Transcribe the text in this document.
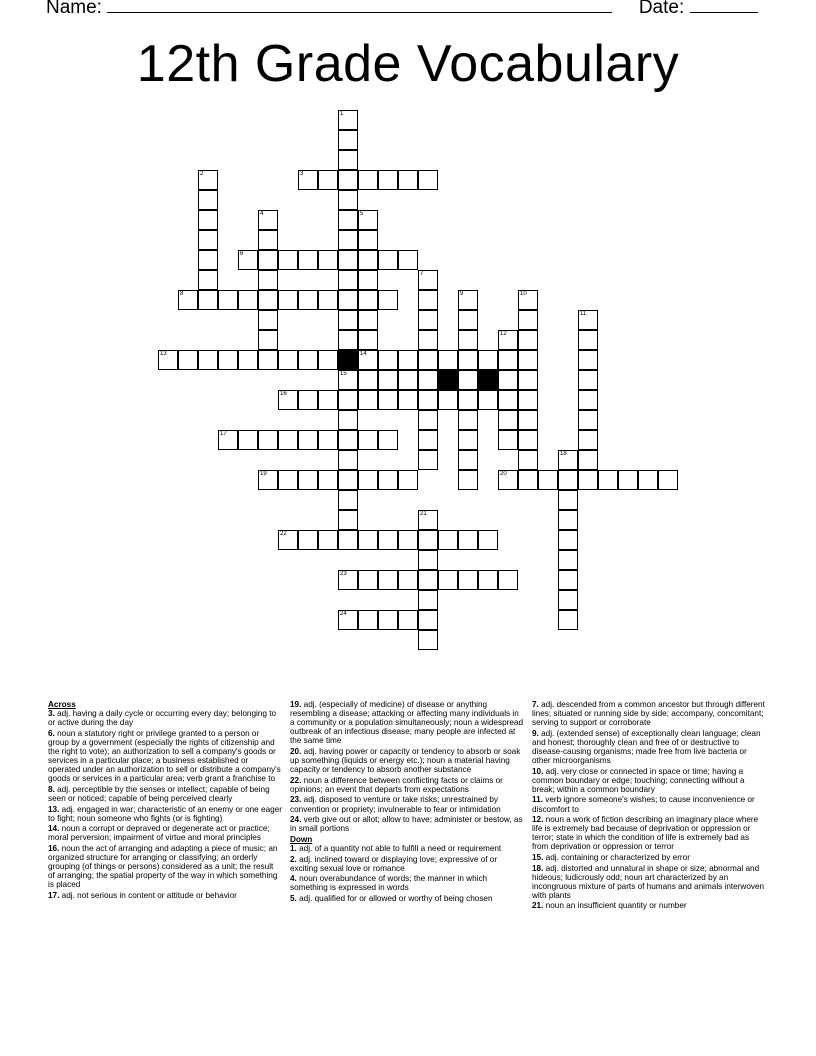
Name:	Date:
12th Grade Vocabulary
1
15
2	3
4	5
6
7
8	9	10
11
12
13	14
16
17
18
19	20
21
22
23
24
Across
3. adj. having a daily cycle or occurring every day; belonging to or active during the day
6. noun a statutory right or privilege granted to a person or group by a government (especially the rights of citizenship and the right to vote); an authorization to sell a company's goods or services in a particular place; a business established or operated under an authorization to sell or distribute a company's goods or services in a particular area; verb grant a franchise to
8. adj. perceptible by the senses or intellect; capable of being seen or noticed; capable of being perceived clearly
13. adj. engaged in war; characteristic of an enemy or one eager to fight; noun someone who fights (or is fighting)
14. noun a corrupt or depraved or degenerate act or practice; moral perversion; impairment of virtue and moral principles
16. noun the act of arranging and adapting a piece of music; an organized structure for arranging or classifying; an orderly grouping (of things or persons) considered as a unit; the result of arranging; the spatial property of the way in which something is placed
17. adj. not serious in content or attitude or behavior
19. adj. (especially of medicine) of disease or anything resembling a disease; attacking or affecting many individuals in a community or a population simultaneously; noun a widespread outbreak of an infectious disease; many people are infected at the same time
20. adj. having power or capacity or tendency to absorb or soak up something (liquids or energy etc.); noun a material having capacity or tendency to absorb another substance
22. noun a difference between conflicting facts or claims or opinions; an event that departs from expectations
23. adj. disposed to venture or take risks; unrestrained by convention or propriety; invulnerable to fear or intimidation
24. verb give out or allot; allow to have; administer or bestow, as in small portions
Down
1. adj. of a quantity not able to fulfill a need or requirement
2. adj. inclined toward or displaying love; expressive of or exciting sexual love or romance
4. noun overabundance of words; the manner in which something is expressed in words
5. adj. qualified for or allowed or worthy of being chosen
7. adj. descended from a common ancestor but through different lines; situated or running side by side; accompany, concomitant; serving to support or corroborate
9. adj. (extended sense) of exceptionally clean language; clean and honest; thoroughly clean and free of or destructive to disease-causing organisms; made free from live bacteria or other microorganisms
10. adj. very close or connected in space or time; having a common boundary or edge; touching; connecting without a break; within a common boundary
11. verb ignore someone's wishes; to cause inconvenience or discomfort to
12. noun a work of fiction describing an imaginary place where life is extremely bad because of deprivation or oppression or terror; state in which the condition of life is extremely bad as from deprivation or oppression or terror
15. adj. containing or characterized by error
18. adj. distorted and unnatural in shape or size; abnormal and hideous; ludicrously odd; noun art characterized by an incongruous mixture of parts of humans and animals interwoven with plants
21. noun an insufficient quantity or number
